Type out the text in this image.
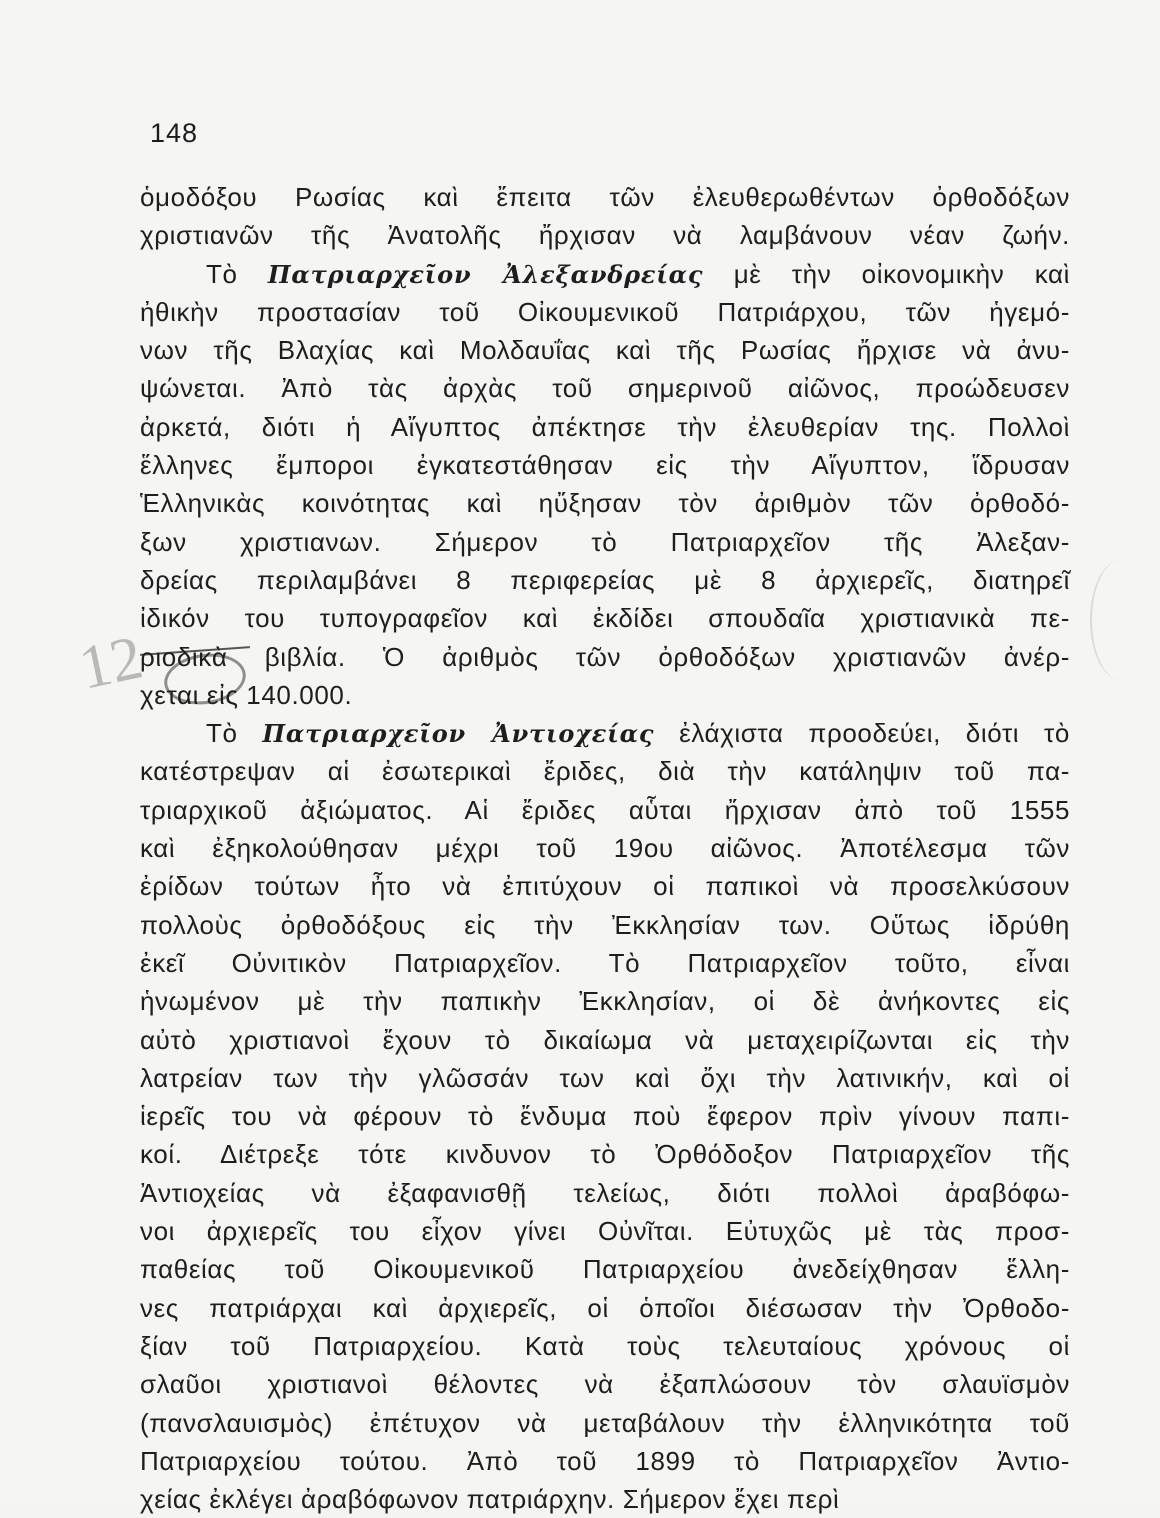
12
148
ὁμοδόξου Ρωσίας καὶ ἔπειτα τῶν ἐλευθερωθέντων ὀρθοδόξων
χριστιανῶν τῆς Ἀνατολῆς ἤρχισαν νὰ λαμβάνουν νέαν ζωήν.
Τὸ Πατριαρχεῖον Ἀλεξανδρείας μὲ τὴν οἰκονομικὴν καὶ
ἠθικὴν προστασίαν τοῦ Οἰκουμενικοῦ Πατριάρχου, τῶν ἡγεμό-
νων τῆς Βλαχίας καὶ Μολδαυΐας καὶ τῆς Ρωσίας ἤρχισε νὰ ἀνυ-
ψώνεται. Ἀπὸ τὰς ἀρχὰς τοῦ σημερινοῦ αἰῶνος, προώδευσεν
ἀρκετά, διότι ἡ Αἴγυπτος ἀπέκτησε τὴν ἐλευθερίαν της. Πολλοὶ
ἕλληνες ἔμποροι ἐγκατεστάθησαν εἰς τὴν Αἴγυπτον, ἵδρυσαν
Ἑλληνικὰς κοινότητας καὶ ηὔξησαν τὸν ἀριθμὸν τῶν ὀρθοδό-
ξων χριστιανων. Σήμερον τὸ Πατριαρχεῖον τῆς Ἀλεξαν-
δρείας περιλαμβάνει 8 περιφερείας μὲ 8 ἀρχιερεῖς, διατηρεῖ
ἰδικόν του τυπογραφεῖον καὶ ἐκδίδει σπουδαῖα χριστιανικὰ πε-
ριοδικὰ βιβλία. Ὁ ἀριθμὸς τῶν ὀρθοδόξων χριστιανῶν ἀνέρ-
χεται εἰς 140.000.
Τὸ Πατριαρχεῖον Ἀντιοχείας ἐλάχιστα προοδεύει, διότι τὸ
κατέστρεψαν αἱ ἐσωτερικαὶ ἔριδες, διὰ τὴν κατάληψιν τοῦ πα-
τριαρχικοῦ ἀξιώματος. Αἱ ἔριδες αὗται ἤρχισαν ἀπὸ τοῦ 1555
καὶ ἐξηκολούθησαν μέχρι τοῦ 19ου αἰῶνος. Ἀποτέλεσμα τῶν
ἐρίδων τούτων ἦτο νὰ ἐπιτύχουν οἱ παπικοὶ νὰ προσελκύσουν
πολλοὺς ὀρθοδόξους εἰς τὴν Ἐκκλησίαν των. Οὕτως ἱδρύθη
ἐκεῖ Οὐνιτικὸν Πατριαρχεῖον. Τὸ Πατριαρχεῖον τοῦτο, εἶναι
ἡνωμένον μὲ τὴν παπικὴν Ἐκκλησίαν, οἱ δὲ ἀνήκοντες εἰς
αὐτὸ χριστιανοὶ ἔχουν τὸ δικαίωμα νὰ μεταχειρίζωνται εἰς τὴν
λατρείαν των τὴν γλῶσσάν των καὶ ὄχι τὴν λατινικήν, καὶ οἱ
ἱερεῖς του νὰ φέρουν τὸ ἔνδυμα ποὺ ἔφερον πρὶν γίνουν παπι-
κοί. Διέτρεξε τότε κινδυνον τὸ Ὀρθόδοξον Πατριαρχεῖον τῆς
Ἀντιοχείας νὰ ἐξαφανισθῇ τελείως, διότι πολλοὶ ἀραβόφω-
νοι ἀρχιερεῖς του εἶχον γίνει Οὐνῖται. Εὐτυχῶς μὲ τὰς προσ-
παθείας τοῦ Οἰκουμενικοῦ Πατριαρχείου ἀνεδείχθησαν ἕλλη-
νες πατριάρχαι καὶ ἀρχιερεῖς, οἱ ὁποῖοι διέσωσαν τὴν Ὀρθοδο-
ξίαν τοῦ Πατριαρχείου. Κατὰ τοὺς τελευταίους χρόνους οἱ
σλαῦοι χριστιανοὶ θέλοντες νὰ ἐξαπλώσουν τὸν σλαυϊσμὸν
(πανσλαυισμὸς) ἐπέτυχον νὰ μεταβάλουν τὴν ἑλληνικότητα τοῦ
Πατριαρχείου τούτου. Ἀπὸ τοῦ 1899 τὸ Πατριαρχεῖον Ἀντιο-
χείας ἐκλέγει ἀραβόφωνον πατριάρχην. Σήμερον ἔχει περὶ
